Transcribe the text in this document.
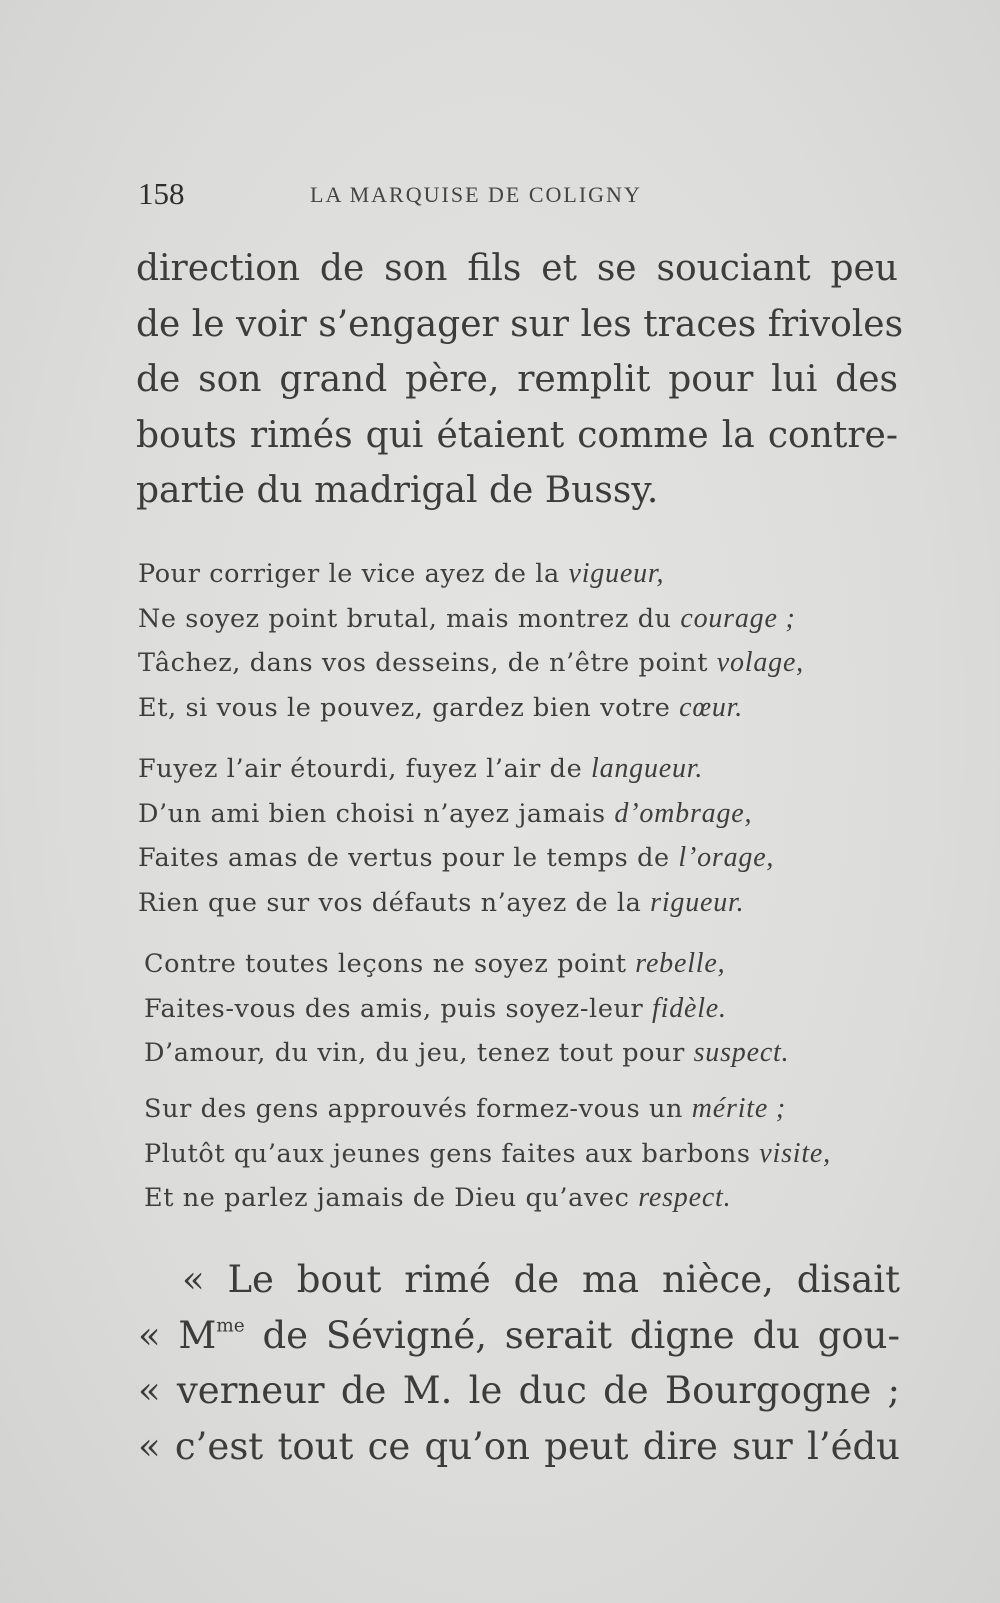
158	LA MARQUISE DE COLIGNY
direction de son fils et se souciant peu
de le voir s’engager sur les traces frivoles
de son grand père, remplit pour lui des
bouts rimés qui étaient comme la contre-
partie du madrigal de Bussy.
Pour corriger le vice ayez de la vigueur,
Ne soyez point brutal, mais montrez du courage ;
Tâchez, dans vos desseins, de n’être point volage,
Et, si vous le pouvez, gardez bien votre cœur.
Fuyez l’air étourdi, fuyez l’air de langueur.
D’un ami bien choisi n’ayez jamais d’ombrage,
Faites amas de vertus pour le temps de l’orage,
Rien que sur vos défauts n’ayez de la rigueur.
Contre toutes leçons ne soyez point rebelle,
Faites-vous des amis, puis soyez-leur fidèle.
D’amour, du vin, du jeu, tenez tout pour suspect.
Sur des gens approuvés formez-vous un mérite ;
Plutôt qu’aux jeunes gens faites aux barbons visite,
Et ne parlez jamais de Dieu qu’avec respect.
« Le bout rimé de ma nièce, disait
« $M^{me}$ de Sévigné, serait digne du gou-
« verneur de M. le duc de Bourgogne ;
« c’est tout ce qu’on peut dire sur l’édu
